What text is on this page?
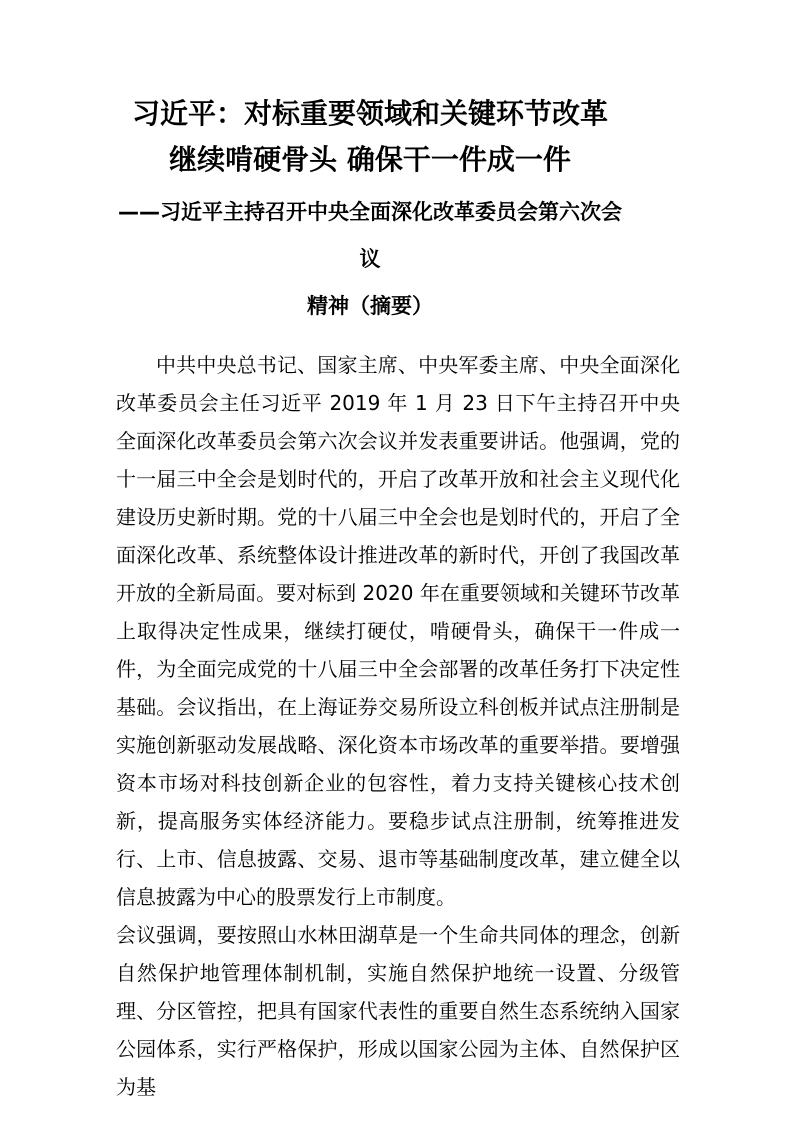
习近平：对标重要领域和关键环节改革
继续啃硬骨头 确保干一件成一件
——习近平主持召开中央全面深化改革委员会第六次会议
精神（摘要）

中共中央总书记、国家主席、中央军委主席、中央全面深化改革委员会主任习近平 2019 年 1 月 23 日下午主持召开中央全面深化改革委员会第六次会议并发表重要讲话。他强调，党的十一届三中全会是划时代的，开启了改革开放和社会主义现代化建设历史新时期。党的十八届三中全会也是划时代的，开启了全面深化改革、系统整体设计推进改革的新时代，开创了我国改革开放的全新局面。要对标到 2020 年在重要领域和关键环节改革上取得决定性成果，继续打硬仗，啃硬骨头，确保干一件成一件，为全面完成党的十八届三中全会部署的改革任务打下决定性基础。会议指出，在上海证券交易所设立科创板并试点注册制是实施创新驱动发展战略、深化资本市场改革的重要举措。要增强资本市场对科技创新企业的包容性，着力支持关键核心技术创新，提高服务实体经济能力。要稳步试点注册制，统筹推进发行、上市、信息披露、交易、退市等基础制度改革，建立健全以信息披露为中心的股票发行上市制度。

会议强调，要按照山水林田湖草是一个生命共同体的理念，创新自然保护地管理体制机制，实施自然保护地统一设置、分级管理、分区管控，把具有国家代表性的重要自然生态系统纳入国家公园体系，实行严格保护，形成以国家公园为主体、自然保护区为基
